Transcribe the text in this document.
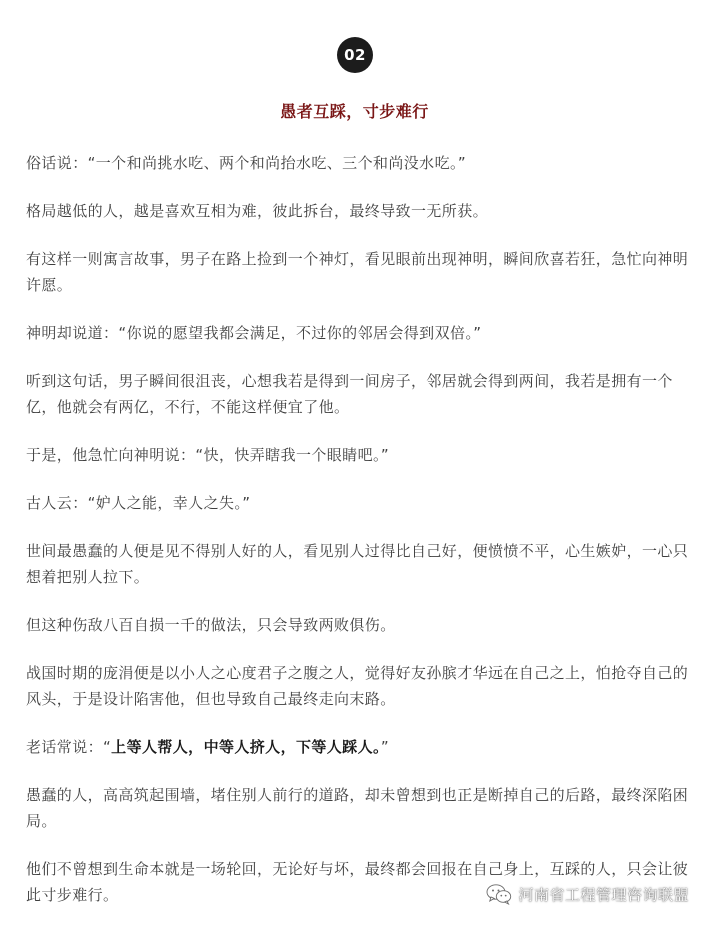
02
愚者互踩，寸步难行

俗话说：“一个和尚挑水吃、两个和尚抬水吃、三个和尚没水吃。”

格局越低的人，越是喜欢互相为难，彼此拆台，最终导致一无所获。

有这样一则寓言故事，男子在路上捡到一个神灯，看见眼前出现神明，瞬间欣喜若狂，急忙向神明许愿。

神明却说道：“你说的愿望我都会满足，不过你的邻居会得到双倍。”

听到这句话，男子瞬间很沮丧，心想我若是得到一间房子，邻居就会得到两间，我若是拥有一个亿，他就会有两亿，不行，不能这样便宜了他。

于是，他急忙向神明说：“快，快弄瞎我一个眼睛吧。”

古人云：“妒人之能，幸人之失。”

世间最愚蠢的人便是见不得别人好的人，看见别人过得比自己好，便愤愤不平，心生嫉妒，一心只想着把别人拉下。

但这种伤敌八百自损一千的做法，只会导致两败俱伤。

战国时期的庞涓便是以小人之心度君子之腹之人，觉得好友孙膑才华远在自己之上，怕抢夺自己的风头，于是设计陷害他，但也导致自己最终走向末路。

老话常说：“上等人帮人，中等人挤人，下等人踩人。”

愚蠢的人，高高筑起围墙，堵住别人前行的道路，却未曾想到也正是断掉自己的后路，最终深陷困局。

他们不曾想到生命本就是一场轮回，无论好与坏，最终都会回报在自己身上，互踩的人，只会让彼此寸步难行。	河南省工程管理咨询联盟
